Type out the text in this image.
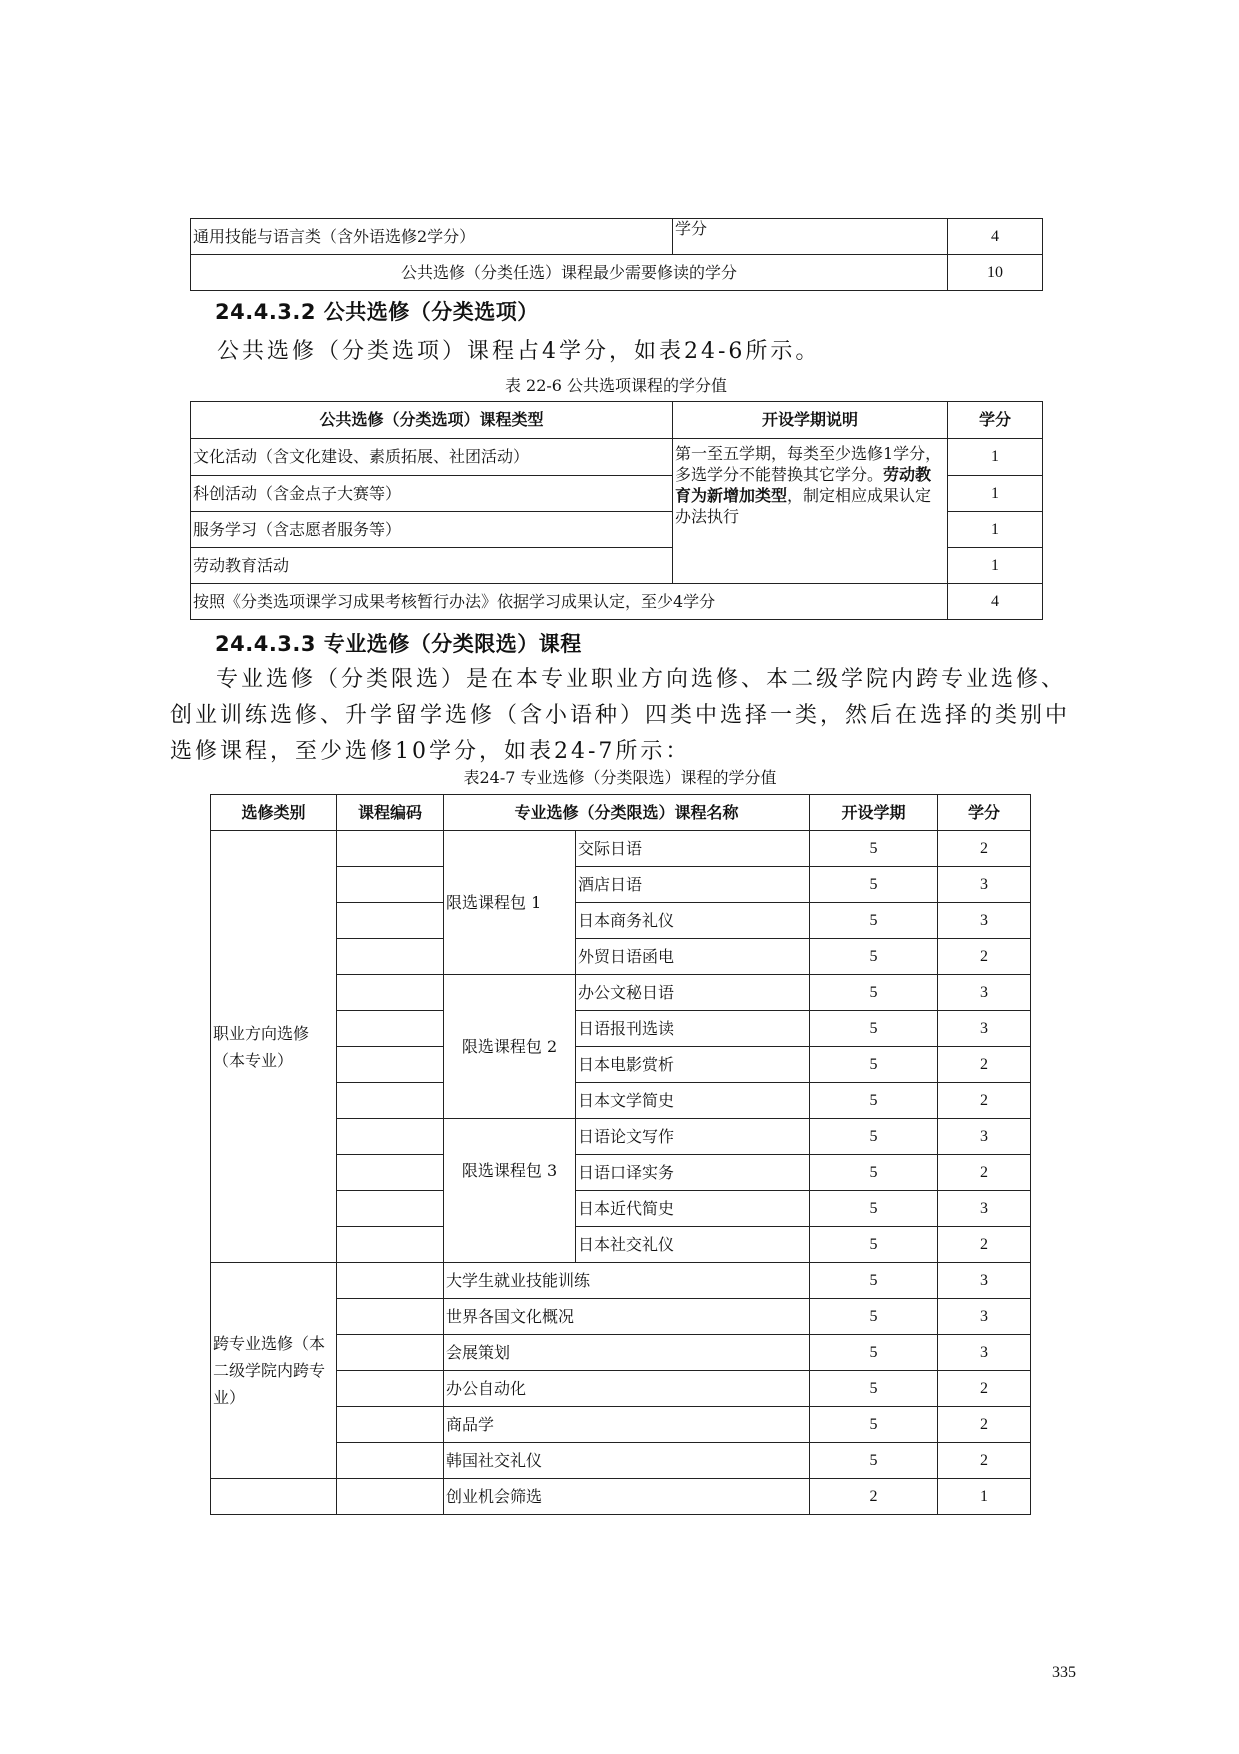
通用技能与语言类（含外语选修2学分）	学分	4
公共选修（分类任选）课程最少需要修读的学分		10
24.4.3.2 公共选修（分类选项）
公共选修（分类选项）课程占4学分，如表24-6所示。
表 22-6 公共选项课程的学分值
公共选修（分类选项）课程类型	开设学期说明	学分
文化活动（含文化建设、素质拓展、社团活动）	第一至五学期，每类至少选修1学分，多选学分不能替换其它学分。劳动教育为新增加类型，制定相应成果认定办法执行	1
科创活动（含金点子大赛等）		1
服务学习（含志愿者服务等）		1
劳动教育活动		1
按照《分类选项课学习成果考核暂行办法》依据学习成果认定，至少4学分		4
24.4.3.3 专业选修（分类限选）课程
专业选修（分类限选）是在本专业职业方向选修、本二级学院内跨专业选修、创业训练选修、升学留学选修（含小语种）四类中选择一类，然后在选择的类别中选修课程，至少选修10学分，如表24-7所示：
表24-7 专业选修（分类限选）课程的学分值
选修类别	课程编码	专业选修（分类限选）课程名称		开设学期	学分
职业方向选修（本专业）		限选课程包 1	交际日语	5	2
			酒店日语	5	3
			日本商务礼仪	5	3
			外贸日语函电	5	2
		限选课程包 2	办公文秘日语	5	3
			日语报刊选读	5	3
			日本电影赏析	5	2
			日本文学简史	5	2
		限选课程包 3	日语论文写作	5	3
			日语口译实务	5	2
			日本近代简史	5	3
			日本社交礼仪	5	2
跨专业选修（本二级学院内跨专业）		大学生就业技能训练		5	3
		世界各国文化概况		5	3
		会展策划		5	3
		办公自动化		5	2
		商品学		5	2
		韩国社交礼仪		5	2
		创业机会筛选		2	1
335
